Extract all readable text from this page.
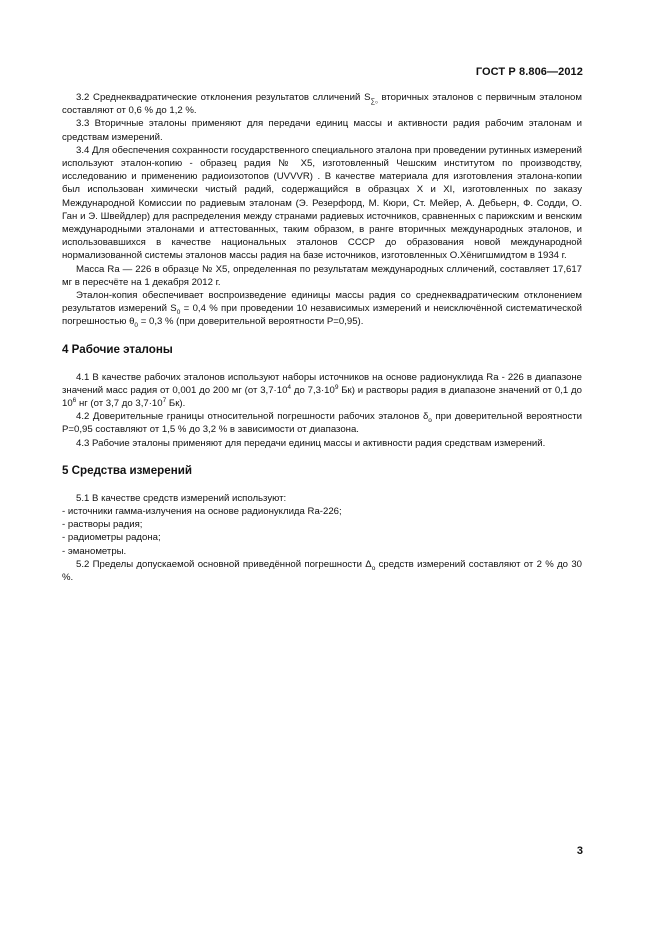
ГОСТ Р 8.806—2012

3.2 Среднеквадратические отклонения результатов слличений $S_{\sum_0}$ вторичных эталонов с первичным эталоном составляют от 0,6 % до 1,2 %.

3.3 Вторичные эталоны применяют для передачи единиц массы и активности радия рабочим эталонам и средствам измерений.

3.4 Для обеспечения сохранности государственного специального эталона при проведении рутинных измерений используют эталон-копию - образец радия № X5, изготовленный Чешским институтом по производству, исследованию и применению радиоизотопов (UVVVR) . В качестве материала для изготовления эталона-копии был использован химически чистый радий, содержащийся в образцах X и XI, изготовленных по заказу Международной Комиссии по радиевым эталонам (Э. Резерфорд, М. Кюри, Ст. Мейер, А. Дебьерн, Ф. Содди, О. Ган и Э. Швейдлер) для распределения между странами радиевых источников, сравненных с парижским и венским международными эталонами и аттестованных, таким образом, в ранге вторичных международных эталонов, и использовавшихся в качестве национальных эталонов СССР до образования новой международной нормализованной системы эталонов массы радия на базе источников, изготовленных О.Хёнигшмидтом в 1934 г.

Масса Ra — 226 в образце № X5, определенная по результатам международных слличений, составляет 17,617 мг в пересчёте на 1 декабря 2012 г.

Эталон-копия обеспечивает воспроизведение единицы массы радия со среднеквадратическим отклонением результатов измерений $S_0 = 0,4$ % при проведении 10 независимых измерений и неисключённой систематической погрешностью $\theta_0 = 0,3$ % (при доверительной вероятности P=0,95).

4 Рабочие эталоны

4.1 В качестве рабочих эталонов используют наборы источников на основе радионуклида Ra - 226 в диапазоне значений масс радия от 0,001 до 200 мг (от $3,7\cdot 10^4$ до $7,3\cdot 10^9$ Бк) и растворы радия в диапазоне значений от 0,1 до $10^6$ нг (от 3,7 до $3,7\cdot 10^7$ Бк).

4.2 Доверительные границы относительной погрешности рабочих эталонов $\delta_о$ при доверительной вероятности P=0,95 составляют от 1,5 % до 3,2 % в зависимости от диапазона.

4.3 Рабочие эталоны применяют для передачи единиц массы и активности радия средствам измерений.

5 Средства измерений

5.1 В качестве средств измерений используют:

- источники гамма-излучения на основе радионуклида Ra-226;

- растворы радия;

- радиометры радона;

- эманометры.

5.2 Пределы допускаемой основной приведённой погрешности $\Delta_о$ средств измерений составляют от 2 % до 30 %.

3
